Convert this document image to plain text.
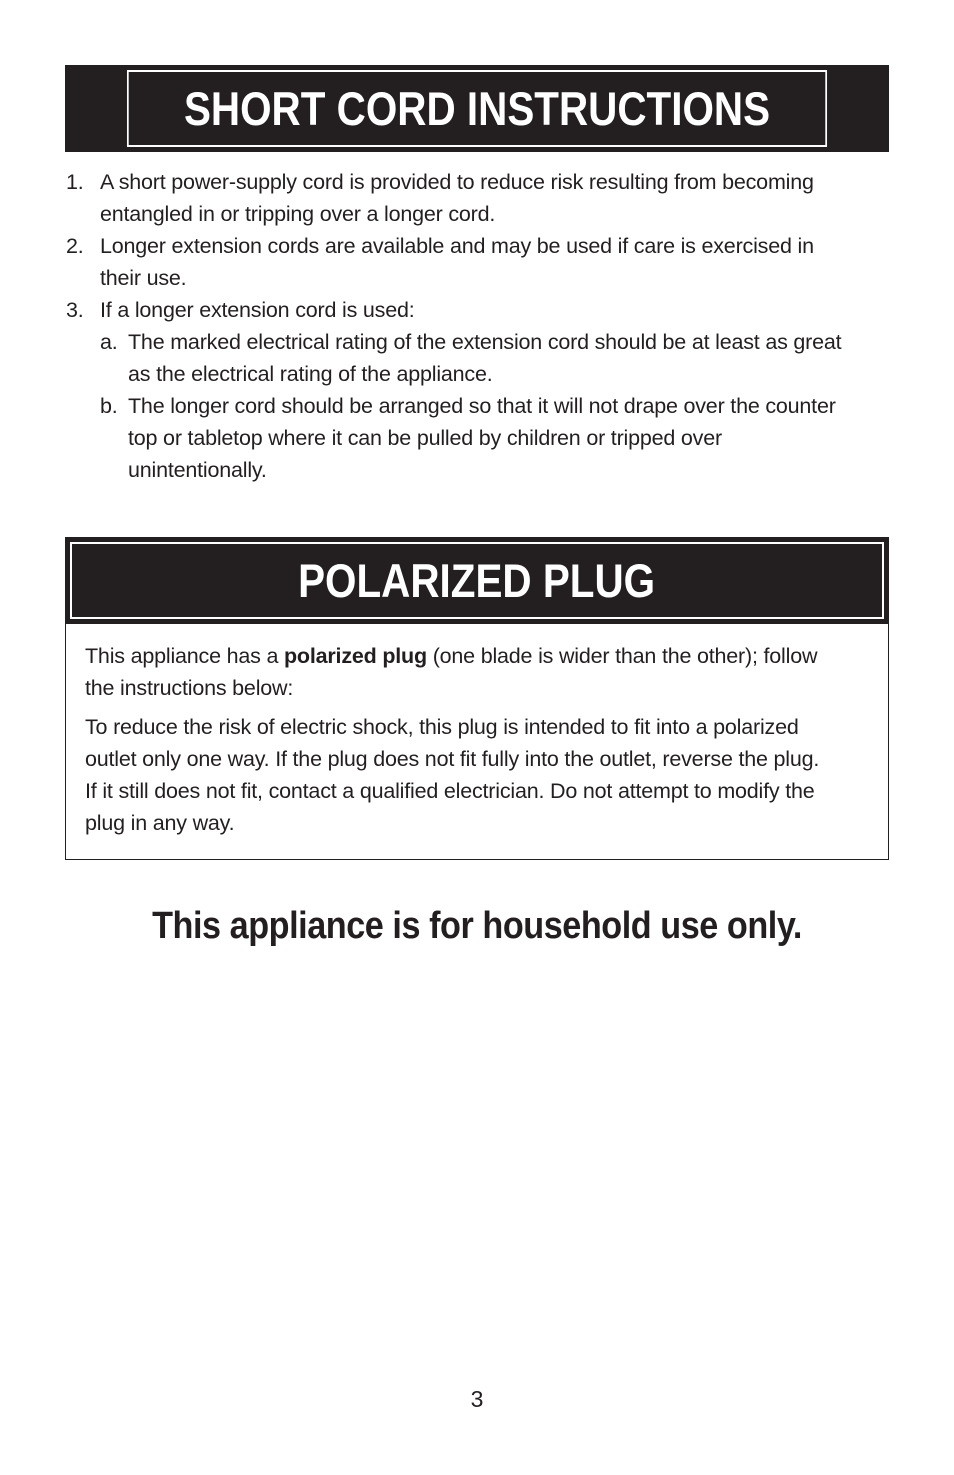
SHORT CORD INSTRUCTIONS
1. A short power-supply cord is provided to reduce risk resulting from becoming
entangled in or tripping over a longer cord.
2. Longer extension cords are available and may be used if care is exercised in
their use.
3. If a longer extension cord is used:
a. The marked electrical rating of the extension cord should be at least as great
as the electrical rating of the appliance.
b. The longer cord should be arranged so that it will not drape over the counter
top or tabletop where it can be pulled by children or tripped over
unintentionally.
POLARIZED PLUG

This appliance has a polarized plug (one blade is wider than the other); follow
the instructions below:

To reduce the risk of electric shock, this plug is intended to fit into a polarized
outlet only one way. If the plug does not fit fully into the outlet, reverse the plug.
If it still does not fit, contact a qualified electrician. Do not attempt to modify the
plug in any way.

This appliance is for household use only.
3
